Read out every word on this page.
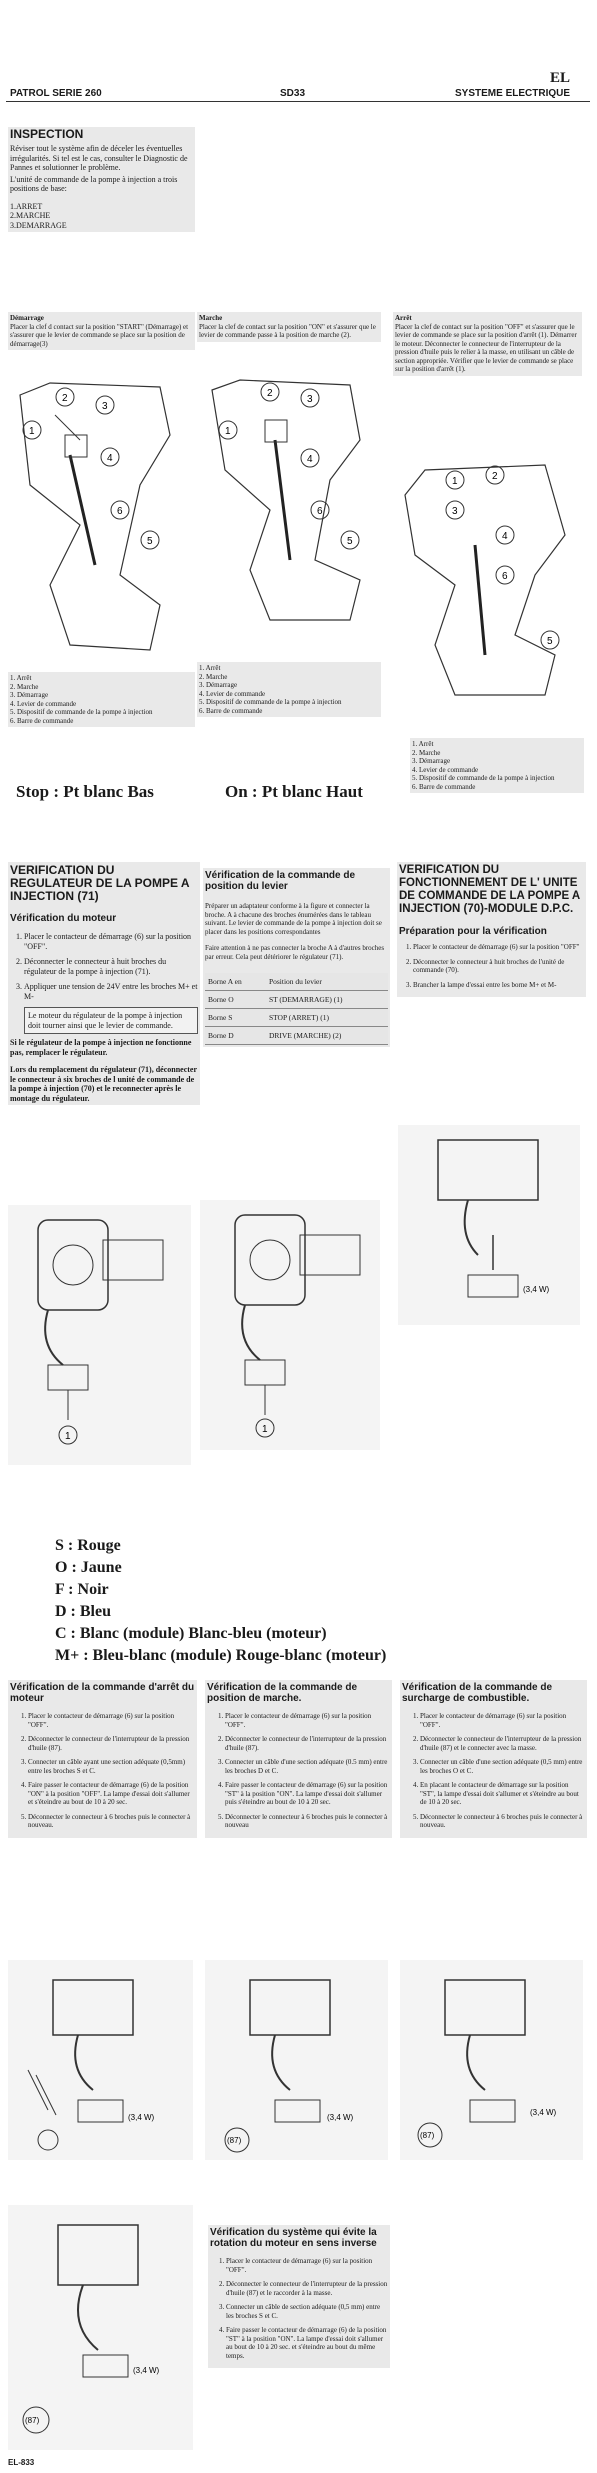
PATROL SERIE 260	SD33
EL
SYSTEME ELECTRIQUE
INSPECTION
Réviser tout le système afin de déceler les éventuelles irrégularités. Si tel est le cas, consulter le Diagnostic de Pannes et solutionner le problème.
L'unité de commande de la pompe à injection a trois positions de base:
1.ARRET
2.MARCHE
3.DEMARRAGE
Démarrage
Placer la clef d contact sur la position "START" (Démarrage) et s'assurer que le levier de commande se place sur la position de démarrage(3)
Marche
Placer la clef de contact sur la position "ON" et s'assurer que le levier de commande passe à la position de marche (2).
Arrêt
Placer la clef de contact sur la position "OFF" et s'assurer que le levier de commande se place sur la position d'arrêt (1). Démarrer le moteur. Déconnecter le connecteur de l'interrupteur de la pression d'huile puis le relier à la masse, en utilisant un câble de section appropriée. Vérifier que le levier de commande se place sur la position d'arrêt (1).
1
2
3
4
6
5
1
2
3
4
6
5
1	2
3
4
6
5
1. Arrêt
2. Marche
3. Démarrage
4. Levier de commande
5. Dispositif de commande de la pompe à injection
6. Barre de commande
1. Arrêt
2. Marche
3. Démarrage
4. Levier de commande
5. Dispositif de commande de la pompe à injection
6. Barre de commande
1. Arrêt
2. Marche
3. Démarrage
4. Levier de commande
5. Dispositif de commande de la pompe à injection
6. Barre de commande
Stop : Pt blanc Bas	On : Pt blanc Haut
VERIFICATION DU REGULATEUR DE LA POMPE A INJECTION (71)
Vérification du moteur
1. Placer le contacteur de démarrage (6) sur la position "OFF".
2. Déconnecter le connecteur à huit broches du régulateur de la pompe à injection (71).
3. Appliquer une tension de 24V entre les broches M+ et M-
Le moteur du régulateur de la pompe à injection doit tourner ainsi que le levier de commande.
Si le régulateur de la pompe à injection ne fonctionne pas, remplacer le régulateur.
Lors du remplacement du régulateur (71), déconnecter le connecteur à six broches de l unité de commande de la pompe à injection (70) et le reconnecter après le montage du régulateur.
Vérification de la commande de position du levier
Préparer un adaptateur conforme à la figure et connecter la broche. A à chacune des broches énumérées dans le tableau suivant. Le levier de commande de la pompe à injection doit se placer dans les positions correspondantes
Faire attention à ne pas connecter la broche A à d'autres broches par erreur. Cela peut détériorer le régulateur (71).
Borne A en	Position du levier
Borne O	ST (DEMARRAGE) (1)
Borne S	STOP (ARRET) (1)
Borne D	DRIVE (MARCHE) (2)
VERIFICATION DU FONCTIONNEMENT DE L' UNITE DE COMMANDE DE LA POMPE A INJECTION (70)-MODULE D.P.C.
Préparation pour la vérification
1. Placer le contacteur de démarrage (6) sur la position "OFF"
2. Déconnecter le connecteur à huit broches de l'unité de commande (70).
3. Brancher la lampe d'essai entre les borne M+ et M-
1
1
(3,4 W)
S : Rouge
O : Jaune
F : Noir
D : Bleu
C : Blanc (module) Blanc-bleu (moteur)
M+ : Bleu-blanc (module) Rouge-blanc (moteur)
Vérification de la commande d'arrêt du moteur
1. Placer le contacteur de démarrage (6) sur la position "OFF".
2. Déconnecter le connecteur de l'interrupteur de la pression d'huile (87).
3. Connecter un câble ayant une section adéquate (0,5mm) entre les broches S et C.
4. Faire passer le contacteur de démarrage (6) de la position "ON" à la position "OFF". La lampe d'essai doit s'allumer et s'éteindre au bout de 10 à 20 sec.
5. Déconnecter le connecteur à 6 broches puis le connecter à nouveau.
Vérification de la commande de position de marche.
1. Placer le contacteur de démarrage (6) sur la position "OFF".
2. Déconnecter le connecteur de l'interrupteur de la pression d'huile (87).
3. Connecter un câble d'une section adéquate (0.5 mm) entre les broches D et C.
4. Faire passer le contacteur de démarrage (6) sur la position "ST" à la position "ON". La lampe d'essai doit s'allumer puis s'éteindre au bout de 10 à 20 sec.
5. Déconnecter le connecteur à 6 broches puis le connecter à nouveau
Vérification de la commande de surcharge de combustible.
1. Placer le contacteur de démarrage (6) sur la position "OFF".
2. Déconnecter le connecteur de l'interrupteur de la pression d'huile (87) et le connecter avec la masse.
3. Connecter un câble d'une section adéquate (0,5 mm) entre les broches O et C.
4. En placant le contacteur de démarrage sur la position "ST", la lampe d'essai doit s'allumer et s'éteindre au bout de 10 à 20 sec.
5. Déconnecter le connecteur à 6 broches puis le connecter à nouveau.
(3,4 W)
(87)
(3,4 W)
(87)
(3,4 W)
(87)
(3,4 W)
Vérification du système qui évite la rotation du moteur en sens inverse
1. Placer le contacteur de démarrage (6) sur la position "OFF".
2. Déconnecter le connecteur de l'interrupteur de la pression d'huile (87) et le raccorder à la masse.
3. Connecter un câble de section adéquate (0,5 mm) entre les broches S et C.
4. Faire passer le contacteur de démarrage (6) de la position "ST" à la position "ON". La lampe d'essai doit s'allumer au bout de 10 à 20 sec. et s'éteindre au bout du même temps.
EL-833
